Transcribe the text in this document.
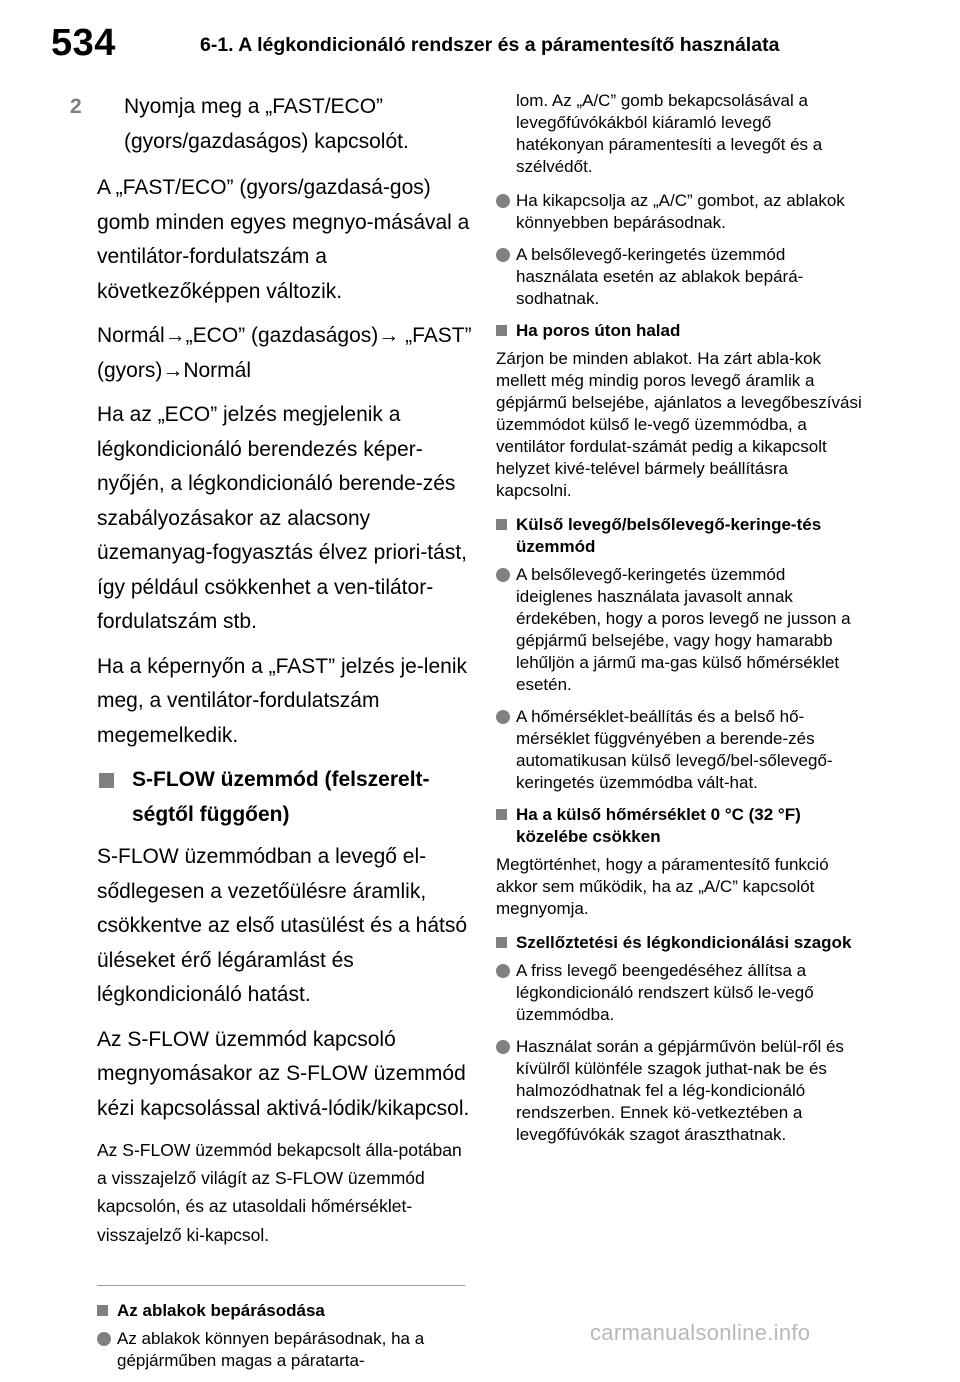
534	6-1. A légkondicionáló rendszer és a páramentesítő használata
2 Nyomja meg a „FAST/ECO” (gyors/gazdaságos) kapcsolót.

A „FAST/ECO” (gyors/gazdasá-gos) gomb minden egyes megnyo-másával a ventilátor-fordulatszám a következőképpen változik.

Normál→„ECO” (gazdaságos)→ „FAST” (gyors)→Normál

Ha az „ECO” jelzés megjelenik a légkondicionáló berendezés képer-nyőjén, a légkondicionáló berende-zés szabályozásakor az alacsony üzemanyag-fogyasztás élvez priori-tást, így például csökkenhet a ven-tilátor-fordulatszám stb.

Ha a képernyőn a „FAST” jelzés je-lenik meg, a ventilátor-fordulatszám megemelkedik.

S-FLOW üzemmód (felszerelt-ségtől függően)

S-FLOW üzemmódban a levegő el-sődlegesen a vezetőülésre áramlik, csökkentve az első utasülést és a hátsó üléseket érő légáramlást és légkondicionáló hatást.

Az S-FLOW üzemmód kapcsoló megnyomásakor az S-FLOW üzemmód kézi kapcsolással aktivá-lódik/kikapcsol.

Az S-FLOW üzemmód bekapcsolt álla-potában a visszajelző világít az S-FLOW üzemmód kapcsolón, és az utasoldali hőmérséklet-visszajelző ki-kapcsol.

Az ablakok bepárásodása
Az ablakok könnyen bepárásodnak, ha a gépjárműben magas a páratarta-
lom. Az „A/C” gomb bekapcsolásával a levegőfúvókákból kiáramló levegő hatékonyan páramentesíti a levegőt és a szélvédőt.
Ha kikapcsolja az „A/C” gombot, az ablakok könnyebben bepárásodnak.
A belsőlevegő-keringetés üzemmód használata esetén az ablakok bepárá-sodhatnak.
Ha poros úton halad
Zárjon be minden ablakot. Ha zárt abla-kok mellett még mindig poros levegő áramlik a gépjármű belsejébe, ajánlatos a levegőbeszívási üzemmódot külső le-vegő üzemmódba, a ventilátor fordulat-számát pedig a kikapcsolt helyzet kivé-telével bármely beállításra kapcsolni.
Külső levegő/belsőlevegő-keringe-tés üzemmód
A belsőlevegő-keringetés üzemmód ideiglenes használata javasolt annak érdekében, hogy a poros levegő ne jusson a gépjármű belsejébe, vagy hogy hamarabb lehűljön a jármű ma-gas külső hőmérséklet esetén.
A hőmérséklet-beállítás és a belső hő-mérséklet függvényében a berende-zés automatikusan külső levegő/bel-sőlevegő-keringetés üzemmódba vált-hat.
Ha a külső hőmérséklet 0 °C (32 °F) közelébe csökken
Megtörténhet, hogy a páramentesítő funkció akkor sem működik, ha az „A/C” kapcsolót megnyomja.
Szellőztetési és légkondicionálási szagok
A friss levegő beengedéséhez állítsa a légkondicionáló rendszert külső le-vegő üzemmódba.
Használat során a gépjárművön belül-ről és kívülről különféle szagok juthat-nak be és halmozódhatnak fel a lég-kondicionáló rendszerben. Ennek kö-vetkeztében a levegőfúvókák szagot áraszthatnak.
carmanualsonline.info
